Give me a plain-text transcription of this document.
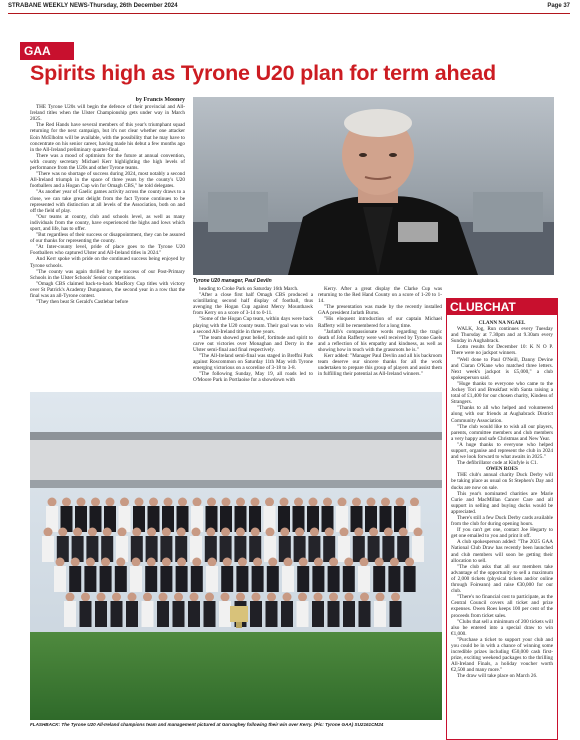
STRABANE WEEKLY NEWS-Thursday, 26th December 2024	Page 37
GAA
Spirits high as Tyrone U20 plan for term ahead
by Francis Mooney

THE Tyrone U20s will begin the defence of their provincial and All-Ireland titles when the Ulster Championship gets under way in March 2025.

The Red Hands have several members of this year's triumphant squad returning for the next campaign, but it's not clear whether one attacker Eoin McElholm will be available, with the possibility that he may have to concentrate on his senior career, having made his debut a few months ago in the All-Ireland preliminary quarter-final.

There was a mood of optimism for the future at annual convention, with county secretary Michael Kerr highlighting the high levels of performance from the U20s and other Tyrone teams.

"There was no shortage of success during 2024, most notably a second All-Ireland triumph in the space of three years by the county's U20 footballers and a Hogan Cup win for Omagh CBS," he told delegates.

"As another year of Gaelic games activity across the county draws to a close, we can take great delight from the fact Tyrone continues to be represented with distinction at all levels of the Association, both on and off the field of play.

"Our teams at county, club and schools level, as well as many individuals from the county, have experienced the highs and lows which sport, and life, has to offer.

"But regardless of their success or disappointment, they can be assured of our thanks for representing the county.

"At Inter-county level, pride of place goes to the Tyrone U20 Footballers who captured Ulster and All-Ireland titles in 2024."

And Kerr spoke with pride on the continued success being enjoyed by Tyrone schools.

"The county was again thrilled by the success of our Post-Primary Schools in the Ulster Schools' Senior competitions.

"Omagh CBS claimed back-to-back MacRory Cup titles with victory over St Patrick's Academy Dungannon, the second year in a row that the final was an all-Tyrone contest.

"They then beat St Gerald's Castlebar before

Tyrone U20 manager, Paul Devlin

heading to Croke Park on Saturday 16th March.

"After a close first half Omagh CBS produced a scintillating second half display of football, thus avenging the Hogan Cup against Mercy Mounthawk from Kerry on a score of 3-14 to 0-11.

"Some of the Hogan Cup team, within days were back playing with the U20 county team. Their goal was to win a second All-Ireland title in three years.

"The team showed great belief, fortitude and spirit to carve out victories over Monaghan and Derry in the Ulster semi-final and final respectively.

"The All-Ireland semi-final was staged in Breffni Park against Roscommon on Saturday 11th May with Tyrone emerging victorious on a scoreline of 3-18 to 3-8.

"The following Sunday, May 19, all roads led to O'Moore Park in Portlaoise for a showdown with

Kerry. After a great display the Clarke Cup was returning to the Red Hand County on a score of 1-20 to 1-14.

"The presentation was made by the recently installed GAA president Jarlath Burns.

"His eloquent introduction of our captain Michael Rafferty will be remembered for a long time.

"Jarlath's compassionate words regarding the tragic death of John Rafferty were well received by Tyrone Gaels and a reflection of his empathy and kindness, as well as showing how in touch with the grassroots he is."

Kerr added: "Manager Paul Devlin and all his backroom team deserve our sincere thanks for all the work undertaken to prepare this group of players and assist them in fulfilling their potential as All-Ireland winners."

CLUBCHAT

CLANN NA NGAEL

WALK, Jog, Run continues every Tuesday and Thursday at 7.30pm and at 9.30am every Sunday in Aughabrack.

Lotto results for December 10: K N O P. There were no jackpot winners.

"Well done to Paul O'Neill, Danny Devine and Ciaran O'Kane who matched three letters. Next week's jackpot is £5,000," a club spokesperson said.

"Huge thanks to everyone who came to the Jockey Tori and Breakfast with Santa raising a total of £1,400 for our chosen charity, Kindess of Strangers.

"Thanks to all who helped and volunteered along with our friends at Aughabrack District Community Association.

"The club would like to wish all our players, parents, committee members and club members a very happy and safe Christmas and New Year.

"A huge thanks to everyone who helped support, organise and represent the club in 2024 and we look forward to what awaits in 2025."

The defibrillator code at Kinfyle is C1.

OWEN ROES

THE club's annual charity Duck Derby will be taking place as usual on St Stephen's Day and ducks are now on sale.

This year's nominated charities are Marie Curie and MacMillan Cancer Care and all support in selling and buying ducks would be appreciated.

There's still a few Duck Derby cards available from the club for during opening hours.

If you can't get one, contact Joe Hegarty to get one emailed to you and print it off.

A club spokesperson added: "The 2025 GAA National Club Draw has recently been launched and club members will soon be getting their allocation to sell.

"The club asks that all our members take advantage of the opportunity to sell a maximum of 2,000 tickets (physical tickets and/or online through Foireann) and raise €30,000 for our club.

"There's no financial cost to participate, as the Central Council covers all ticket and prize expenses. Owen Roes keeps 100 per cent of the proceeds from ticket sales.

"Clubs that sell a minimum of 200 tickets will also be entered into a special draw to win €1,000.

"Purchase a ticket to support your club and you could be in with a chance of winning some incredible prizes including €50,000 cash first-prize, exciting weekend packages to the thrilling All-Ireland Finals, a holiday voucher worth €2,500 and many more."

The draw will take place on March 26.

FLASHBACK: The Tyrone U20 All-Ireland champions team and management pictured at Garvaghey following their win over Kerry. (Pic: Tyrone GAA) SU2161CM24
